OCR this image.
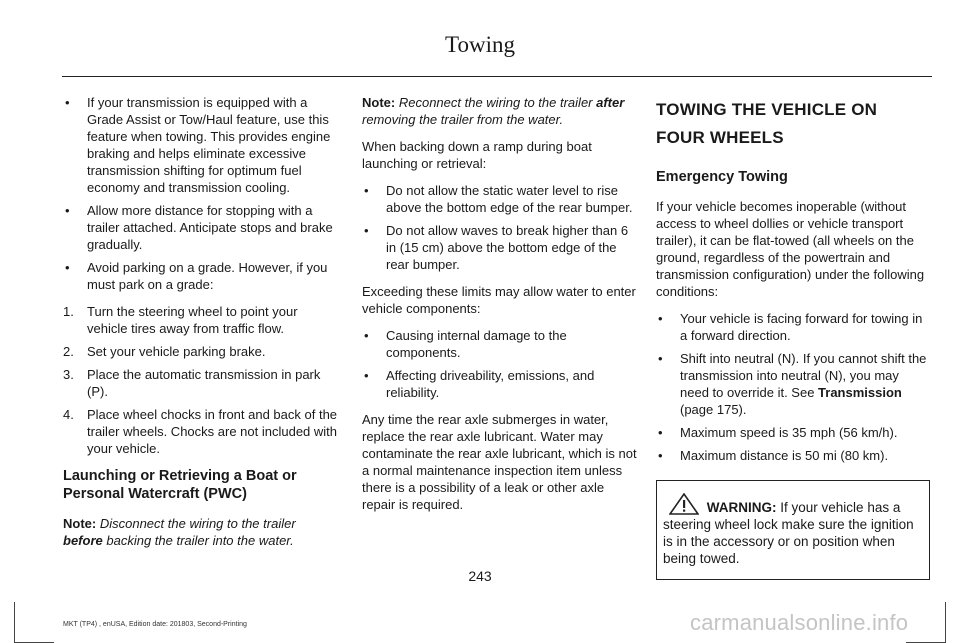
Towing
• If your transmission is equipped with a Grade Assist or Tow/Haul feature, use this feature when towing. This provides engine braking and helps eliminate excessive transmission shifting for optimum fuel economy and transmission cooling.
• Allow more distance for stopping with a trailer attached. Anticipate stops and brake gradually.
• Avoid parking on a grade. However, if you must park on a grade:
1. Turn the steering wheel to point your vehicle tires away from traffic flow.
2. Set your vehicle parking brake.
3. Place the automatic transmission in park (P).
4. Place wheel chocks in front and back of the trailer wheels. Chocks are not included with your vehicle.
Launching or Retrieving a Boat or Personal Watercraft (PWC)

Note: Disconnect the wiring to the trailer before backing the trailer into the water.

Note: Reconnect the wiring to the trailer after removing the trailer from the water.

When backing down a ramp during boat launching or retrieval:

• Do not allow the static water level to rise above the bottom edge of the rear bumper.
• Do not allow waves to break higher than 6 in (15 cm) above the bottom edge of the rear bumper.

Exceeding these limits may allow water to enter vehicle components:

• Causing internal damage to the components.
• Affecting driveability, emissions, and reliability.

Any time the rear axle submerges in water, replace the rear axle lubricant. Water may contaminate the rear axle lubricant, which is not a normal maintenance inspection item unless there is a possibility of a leak or other axle repair is required.

TOWING THE VEHICLE ON FOUR WHEELS
Emergency Towing

If your vehicle becomes inoperable (without access to wheel dollies or vehicle transport trailer), it can be flat-towed (all wheels on the ground, regardless of the powertrain and transmission configuration) under the following conditions:

• Your vehicle is facing forward for towing in a forward direction.
• Shift into neutral (N). If you cannot shift the transmission into neutral (N), you may need to override it. See Transmission (page 175).
• Maximum speed is 35 mph (56 km/h).
• Maximum distance is 50 mi (80 km).
WARNING: If your vehicle has a steering wheel lock make sure the ignition is in the accessory or on position when being towed.
243
MKT (TP4) , enUSA, Edition date: 201803, Second-Printing	carmanualsonline.info
